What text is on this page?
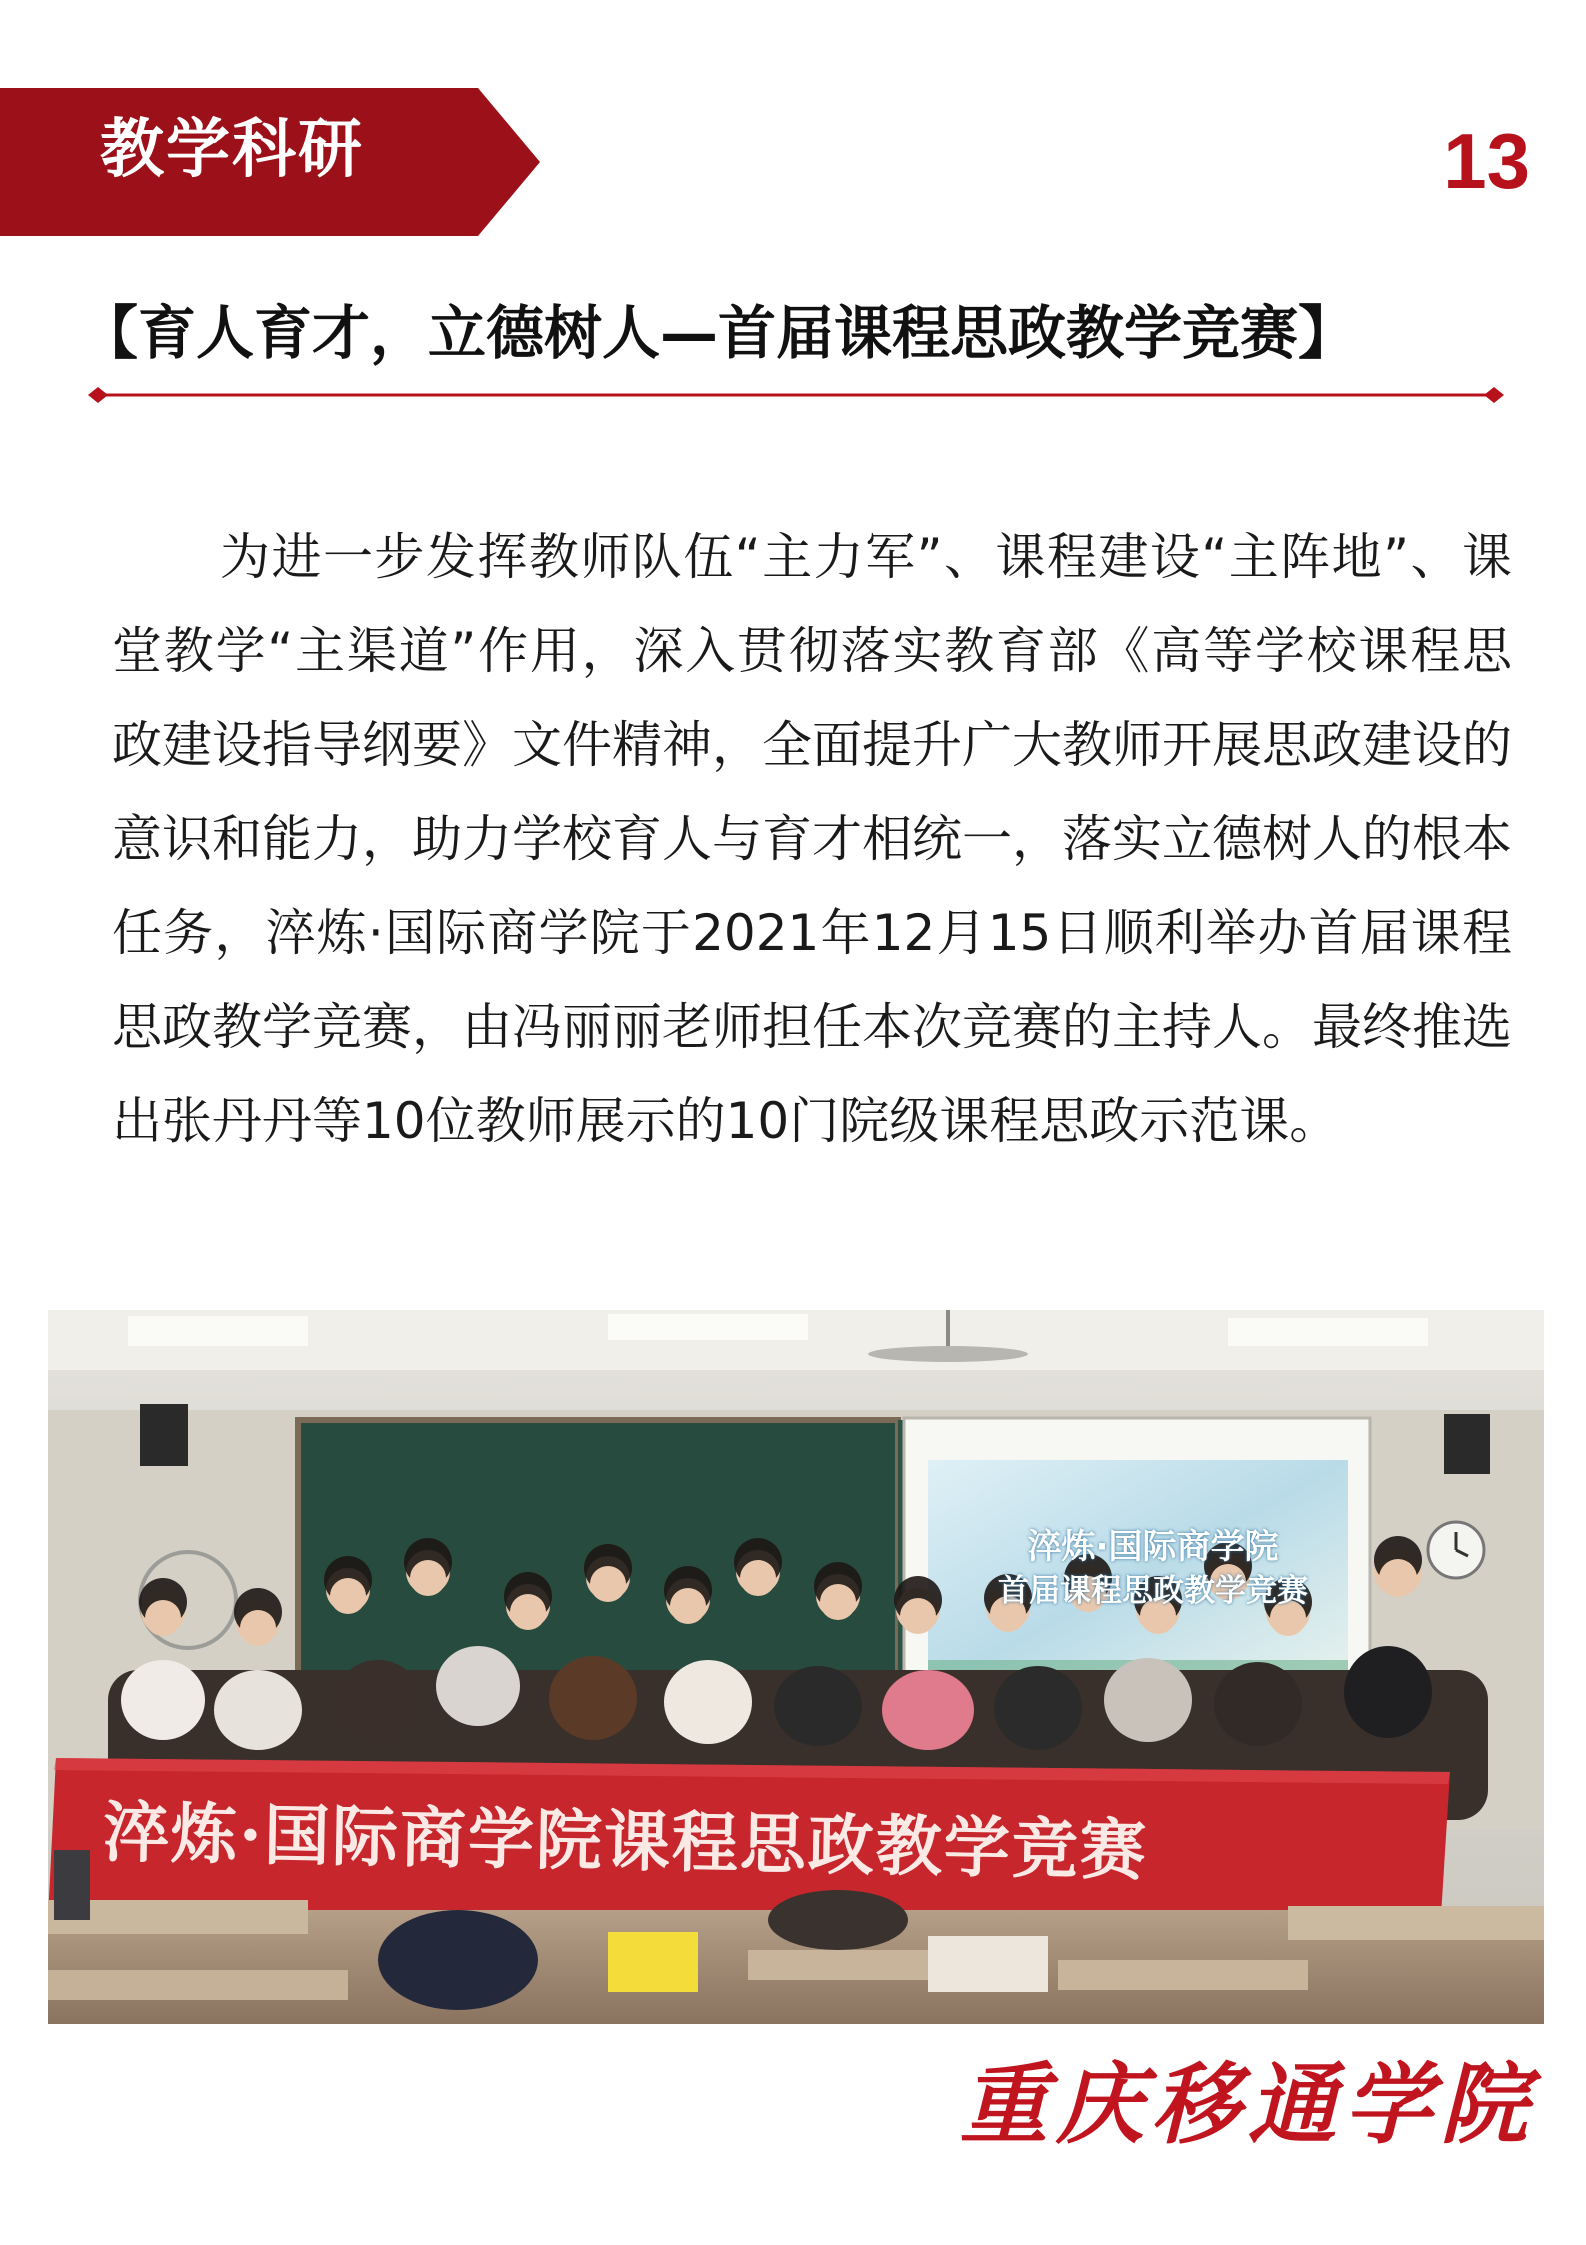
教学科研	13
【育人育才，立德树人—首届课程思政教学竞赛】

为进一步发挥教师队伍“主力军”、课程建设“主阵地”、课堂教学“主渠道”作用，深入贯彻落实教育部《高等学校课程思政建设指导纲要》文件精神，全面提升广大教师开展思政建设的意识和能力，助力学校育人与育才相统一，落实立德树人的根本任务，淬炼·国际商学院于2021年12月15日顺利举办首届课程思政教学竞赛，由冯丽丽老师担任本次竞赛的主持人。最终推选出张丹丹等10位教师展示的10门院级课程思政示范课。

淬炼·国际商学院
首届课程思政教学竞赛
淬炼·国际商学院课程思政教学竞赛
重庆移通学院
